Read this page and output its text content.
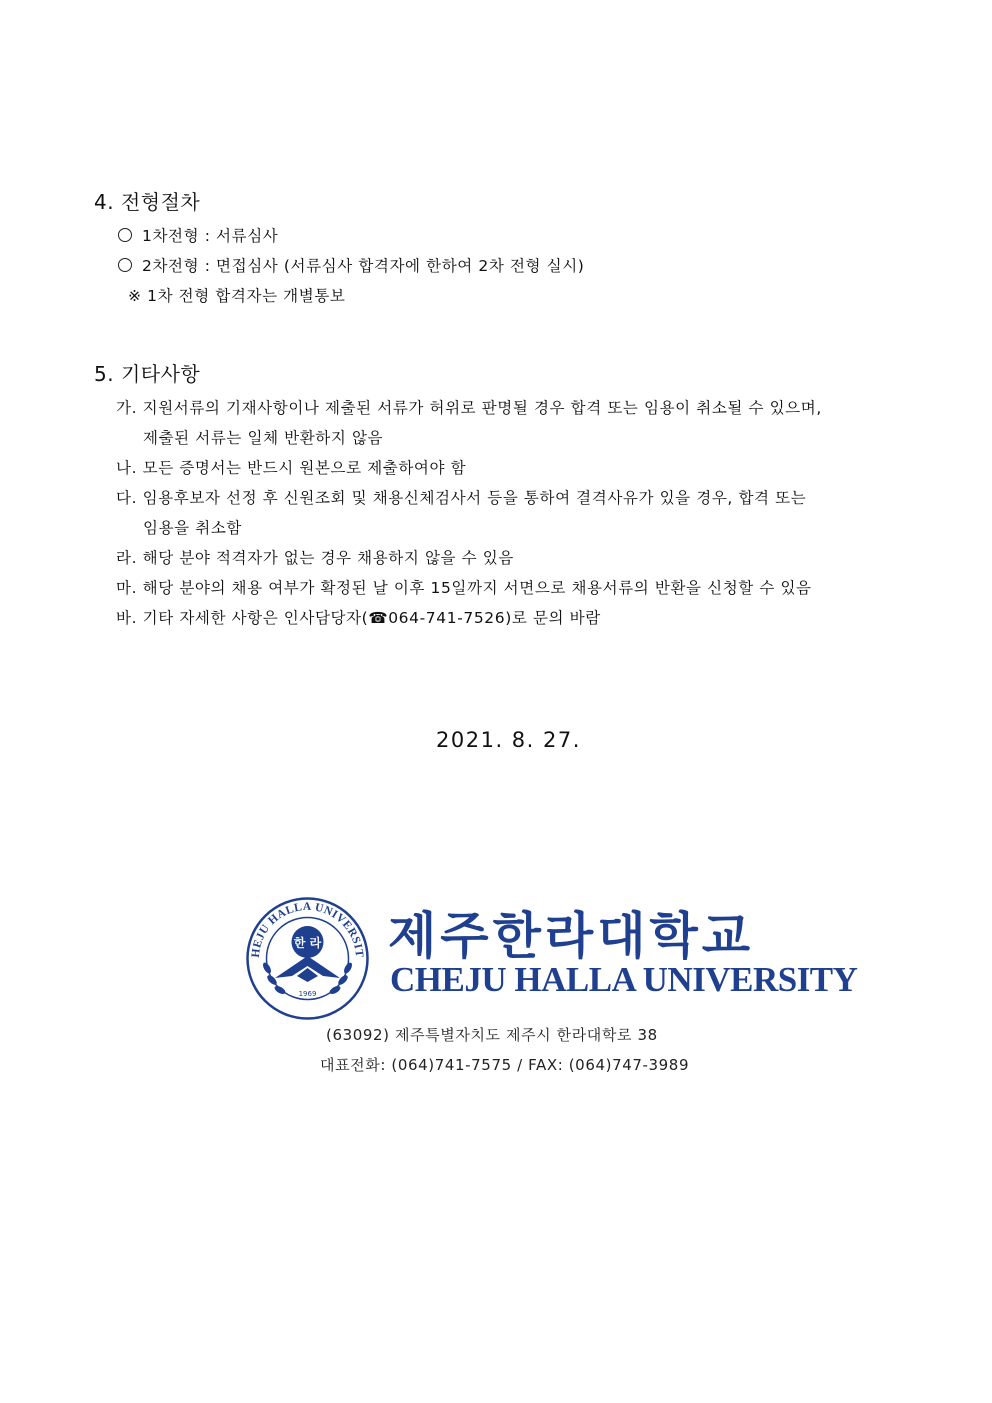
4. 전형절차
1차전형 : 서류심사
2차전형 : 면접심사 (서류심사 합격자에 한하여 2차 전형 실시)
※ 1차 전형 합격자는 개별통보
5. 기타사항
가. 지원서류의 기재사항이나 제출된 서류가 허위로 판명될 경우 합격 또는 임용이 취소될 수 있으며,
제출된 서류는 일체 반환하지 않음
나. 모든 증명서는 반드시 원본으로 제출하여야 함
다. 임용후보자 선정 후 신원조회 및 채용신체검사서 등을 통하여 결격사유가 있을 경우, 합격 또는
임용을 취소함
라. 해당 분야 적격자가 없는 경우 채용하지 않을 수 있음
마. 해당 분야의 채용 여부가 확정된 날 이후 15일까지 서면으로 채용서류의 반환을 신청할 수 있음
바. 기타 자세한 사항은 인사담당자(☎064-741-7526)로 문의 바람
2021. 8. 27.
HEJU HALLA UNIVERSIT
한 라
1969
제주한라대학교
CHEJU HALLA UNIVERSITY
(63092) 제주특별자치도 제주시 한라대학로 38
대표전화: (064)741-7575 / FAX: (064)747-3989
